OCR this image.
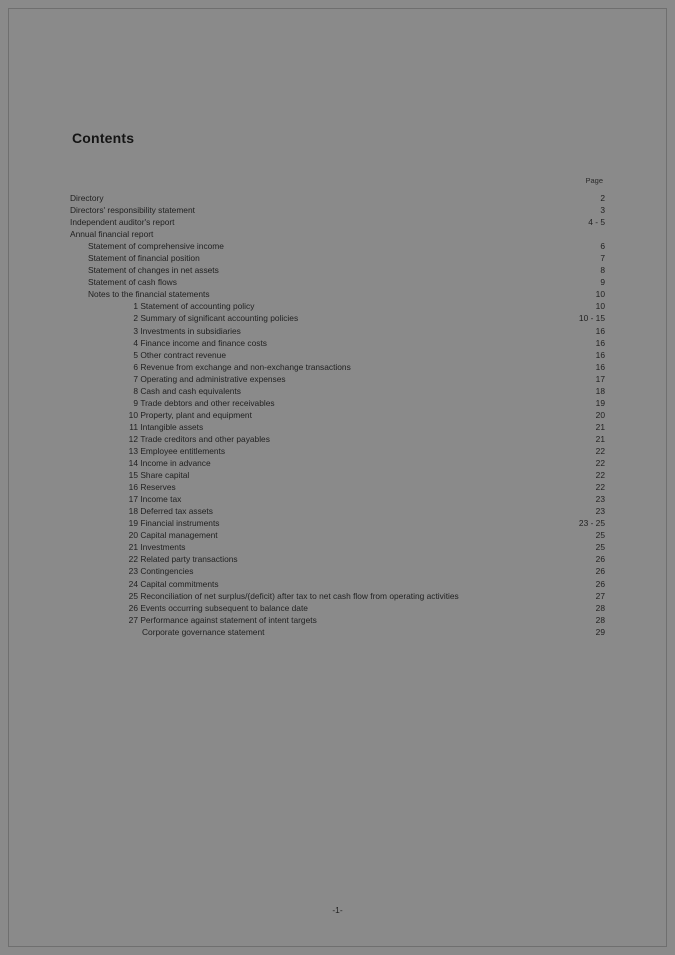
Contents
Page
Directory	2
Directors' responsibility statement	3
Independent auditor's report	4 - 5
Annual financial report
Statement of comprehensive income	6
Statement of financial position	7
Statement of changes in net assets	8
Statement of cash flows	9
Notes to the financial statements	10
1 Statement of accounting policy	10
2 Summary of significant accounting policies	10 - 15
3 Investments in subsidiaries	16
4 Finance income and finance costs	16
5 Other contract revenue	16
6 Revenue from exchange and non-exchange transactions	16
7 Operating and administrative expenses	17
8 Cash and cash equivalents	18
9 Trade debtors and other receivables	19
10 Property, plant and equipment	20
11 Intangible assets	21
12 Trade creditors and other payables	21
13 Employee entitlements	22
14 Income in advance	22
15 Share capital	22
16 Reserves	22
17 Income tax	23
18 Deferred tax assets	23
19 Financial instruments	23 - 25
20 Capital management	25
21 Investments	25
22 Related party transactions	26
23 Contingencies	26
24 Capital commitments	26
25 Reconciliation of net surplus/(deficit) after tax to net cash flow from operating activities	27
26 Events occurring subsequent to balance date	28
27 Performance against statement of intent targets	28
Corporate governance statement	29
-1-
